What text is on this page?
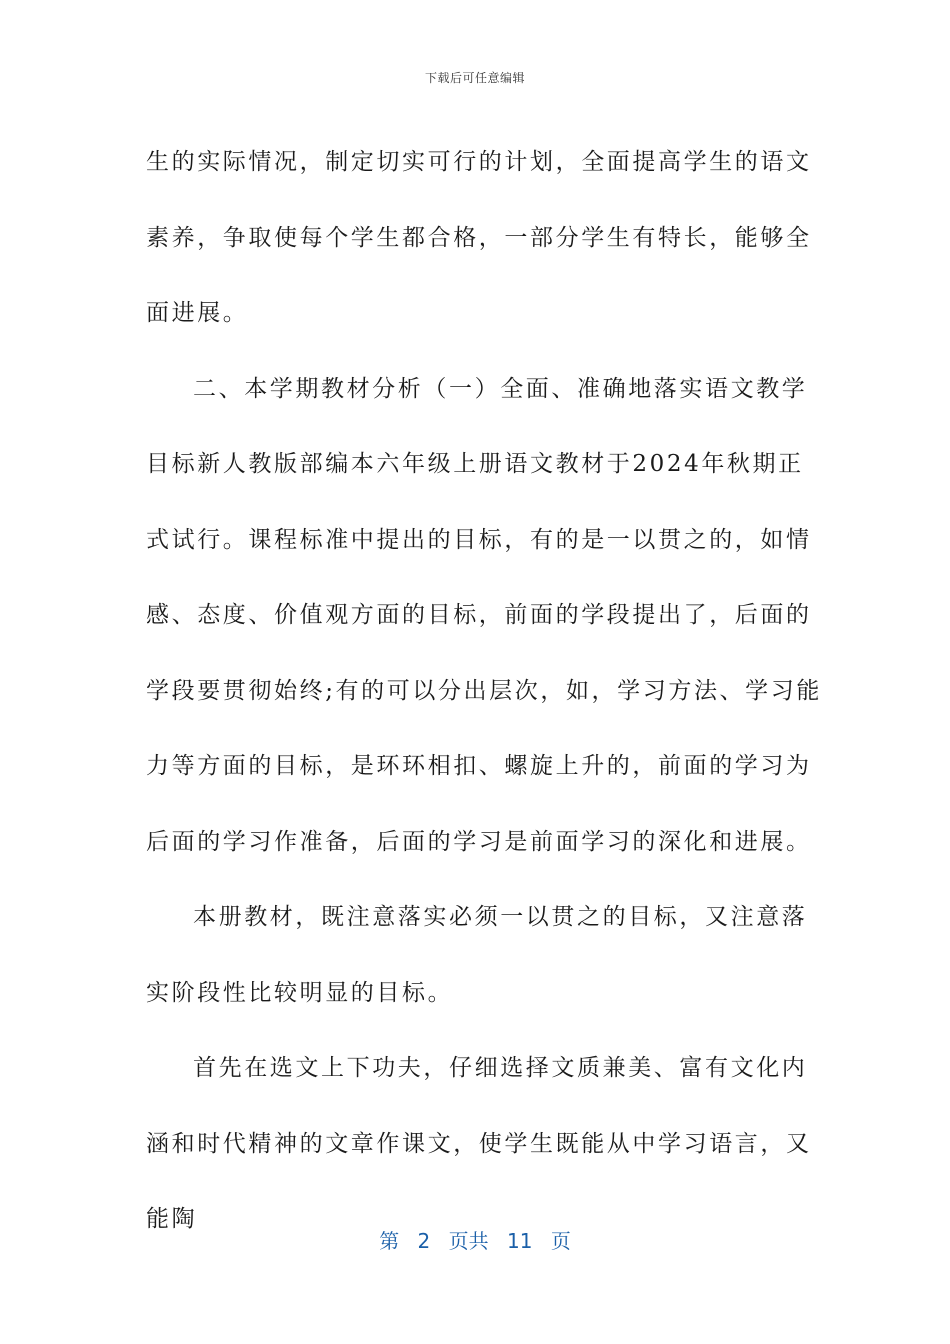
下载后可任意编辑

生的实际情况，制定切实可行的计划，全面提高学生的语文素养，争取使每个学生都合格，一部分学生有特长，能够全面进展。

二、本学期教材分析（一）全面、准确地落实语文教学目标新人教版部编本六年级上册语文教材于2024年秋期正式试行。课程标准中提出的目标，有的是一以贯之的，如情感、态度、价值观方面的目标，前面的学段提出了，后面的学段要贯彻始终;有的可以分出层次，如，学习方法、学习能力等方面的目标，是环环相扣、螺旋上升的，前面的学习为后面的学习作准备，后面的学习是前面学习的深化和进展。

本册教材，既注意落实必须一以贯之的目标，又注意落实阶段性比较明显的目标。

首先在选文上下功夫，仔细选择文质兼美、富有文化内涵和时代精神的文章作课文，使学生既能从中学习语言，又能陶

第 2 页共 11 页
